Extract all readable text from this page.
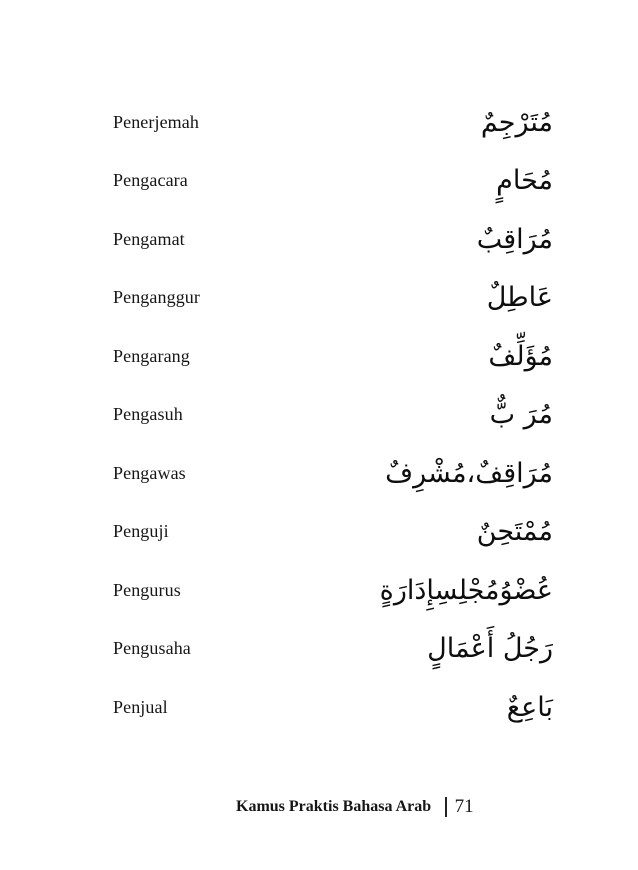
Penerjemah	مُتَرْجِمٌ
Pengacara	مُحَامٍ
Pengamat	مُرَاقِبٌ
Penganggur	عَاطِلٌ
Pengarang	مُؤَلِّفٌ
Pengasuh	مُرَ بٌّ
Pengawas	مُرَاقِفٌ،مُشْرِفٌ
Penguji	مُمْتَحِنٌ
Pengurus	عُضْوُمُجْلِسِإِدَارَةٍ
Pengusaha	رَجُلُ أَعْمَالٍ
Penjual	بَاعِعٌ
Kamus Praktis Bahasa Arab 71
